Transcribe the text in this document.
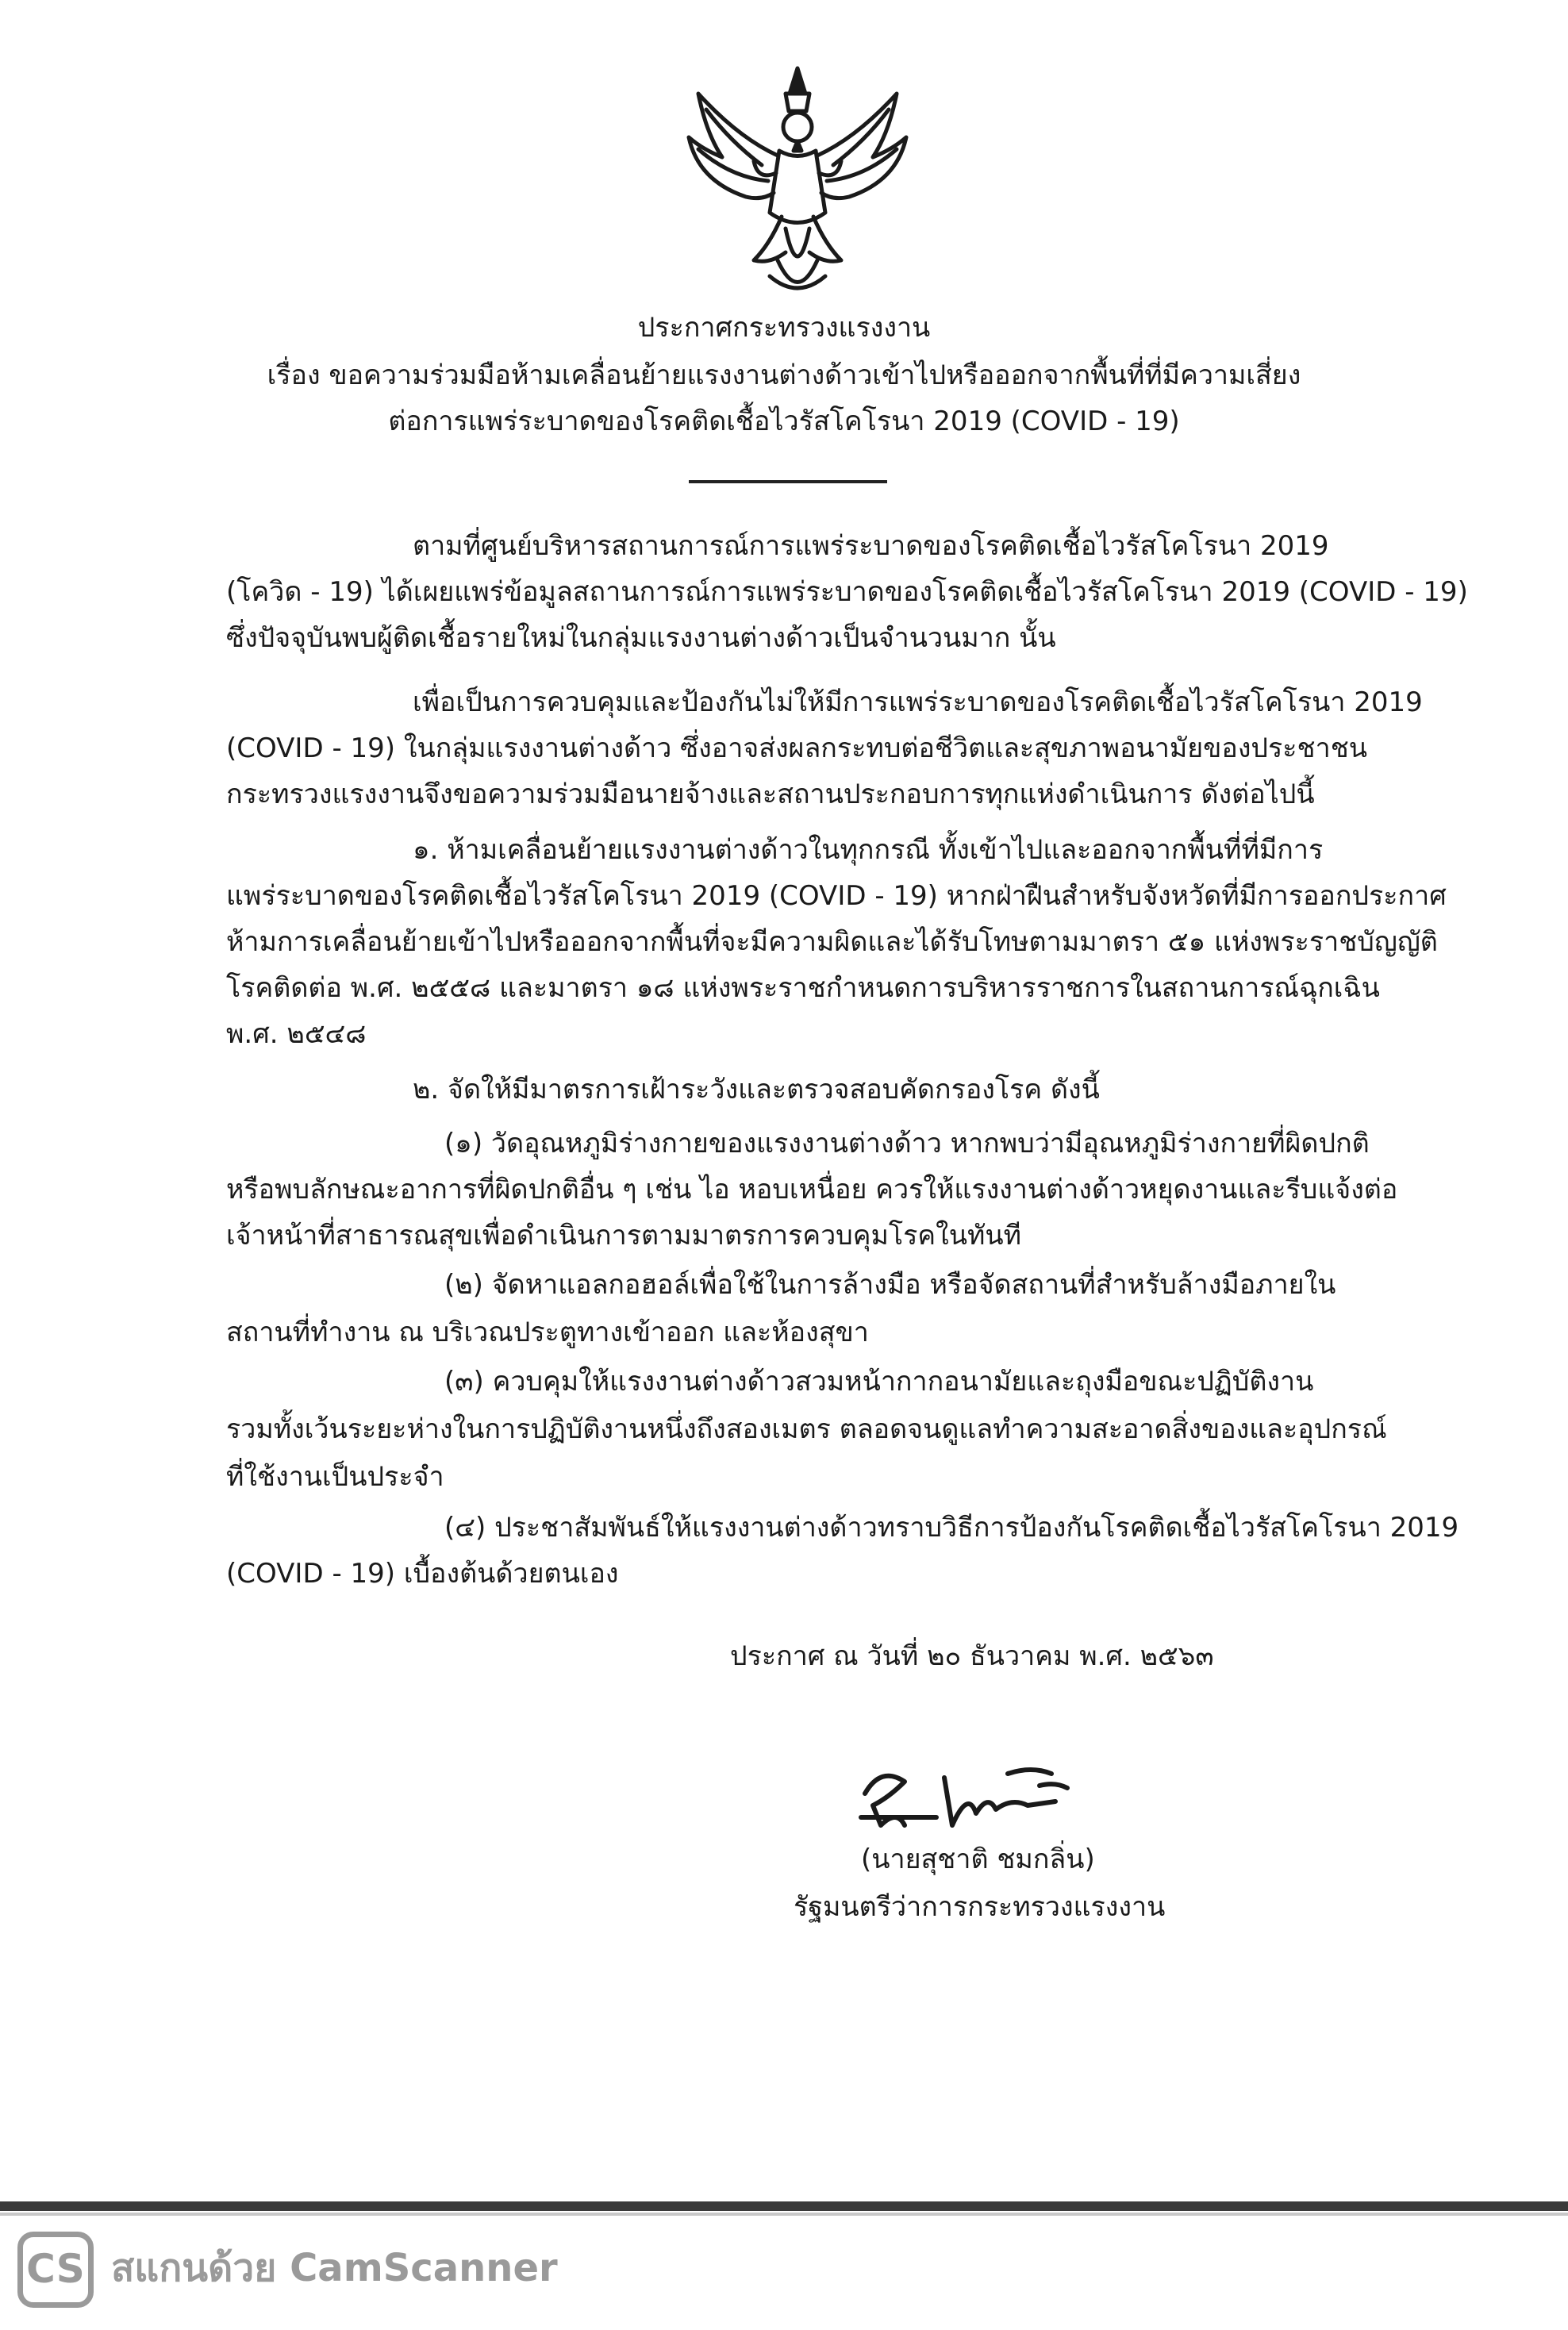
ประกาศกระทรวงแรงงาน

เรื่อง ขอความร่วมมือห้ามเคลื่อนย้ายแรงงานต่างด้าวเข้าไปหรือออกจากพื้นที่ที่มีความเสี่ยง

ต่อการแพร่ระบาดของโรคติดเชื้อไวรัสโคโรนา 2019 (COVID - 19)

ตามที่ศูนย์บริหารสถานการณ์การแพร่ระบาดของโรคติดเชื้อไวรัสโคโรนา 2019

(โควิด - 19) ได้เผยแพร่ข้อมูลสถานการณ์การแพร่ระบาดของโรคติดเชื้อไวรัสโคโรนา 2019 (COVID - 19)

ซึ่งปัจจุบันพบผู้ติดเชื้อรายใหม่ในกลุ่มแรงงานต่างด้าวเป็นจำนวนมาก นั้น

เพื่อเป็นการควบคุมและป้องกันไม่ให้มีการแพร่ระบาดของโรคติดเชื้อไวรัสโคโรนา 2019

(COVID - 19) ในกลุ่มแรงงานต่างด้าว ซึ่งอาจส่งผลกระทบต่อชีวิตและสุขภาพอนามัยของประชาชน

กระทรวงแรงงานจึงขอความร่วมมือนายจ้างและสถานประกอบการทุกแห่งดำเนินการ ดังต่อไปนี้

๑. ห้ามเคลื่อนย้ายแรงงานต่างด้าวในทุกกรณี ทั้งเข้าไปและออกจากพื้นที่ที่มีการ

แพร่ระบาดของโรคติดเชื้อไวรัสโคโรนา 2019 (COVID - 19) หากฝ่าฝืนสำหรับจังหวัดที่มีการออกประกาศ

ห้ามการเคลื่อนย้ายเข้าไปหรือออกจากพื้นที่จะมีความผิดและได้รับโทษตามมาตรา ๕๑ แห่งพระราชบัญญัติ

โรคติดต่อ พ.ศ. ๒๕๕๘ และมาตรา ๑๘ แห่งพระราชกำหนดการบริหารราชการในสถานการณ์ฉุกเฉิน

พ.ศ. ๒๕๔๘

๒. จัดให้มีมาตรการเฝ้าระวังและตรวจสอบคัดกรองโรค ดังนี้

(๑) วัดอุณหภูมิร่างกายของแรงงานต่างด้าว หากพบว่ามีอุณหภูมิร่างกายที่ผิดปกติ

หรือพบลักษณะอาการที่ผิดปกติอื่น ๆ เช่น ไอ หอบเหนื่อย ควรให้แรงงานต่างด้าวหยุดงานและรีบแจ้งต่อ

เจ้าหน้าที่สาธารณสุขเพื่อดำเนินการตามมาตรการควบคุมโรคในทันที

(๒) จัดหาแอลกอฮอล์เพื่อใช้ในการล้างมือ หรือจัดสถานที่สำหรับล้างมือภายใน

สถานที่ทำงาน ณ บริเวณประตูทางเข้าออก และห้องสุขา

(๓) ควบคุมให้แรงงานต่างด้าวสวมหน้ากากอนามัยและถุงมือขณะปฏิบัติงาน

รวมทั้งเว้นระยะห่างในการปฏิบัติงานหนึ่งถึงสองเมตร ตลอดจนดูแลทำความสะอาดสิ่งของและอุปกรณ์

ที่ใช้งานเป็นประจำ

(๔) ประชาสัมพันธ์ให้แรงงานต่างด้าวทราบวิธีการป้องกันโรคติดเชื้อไวรัสโคโรนา 2019

(COVID - 19) เบื้องต้นด้วยตนเอง

ประกาศ ณ วันที่ ๒๐ ธันวาคม พ.ศ. ๒๕๖๓

(นายสุชาติ ชมกลิ่น)

รัฐมนตรีว่าการกระทรวงแรงงาน

CS สแกนด้วย CamScanner
